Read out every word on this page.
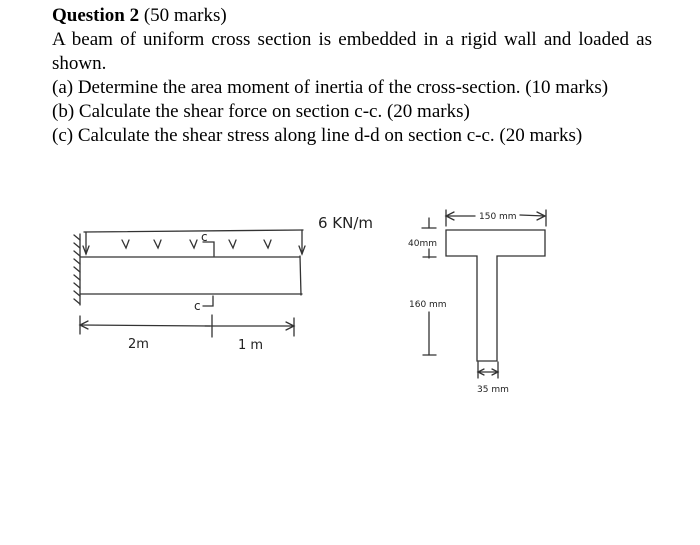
Question 2 (50 marks)

A beam of uniform cross section is embedded in a rigid wall and loaded as shown.

(a) Determine the area moment of inertia of the cross-section. (10 marks)

(b) Calculate the shear force on section c-c. (20 marks)

(c) Calculate the shear stress along line d-d on section c-c. (20 marks)

6 KN/m
c
c
2m	1 m
150 mm
40mm
160 mm
35 mm
